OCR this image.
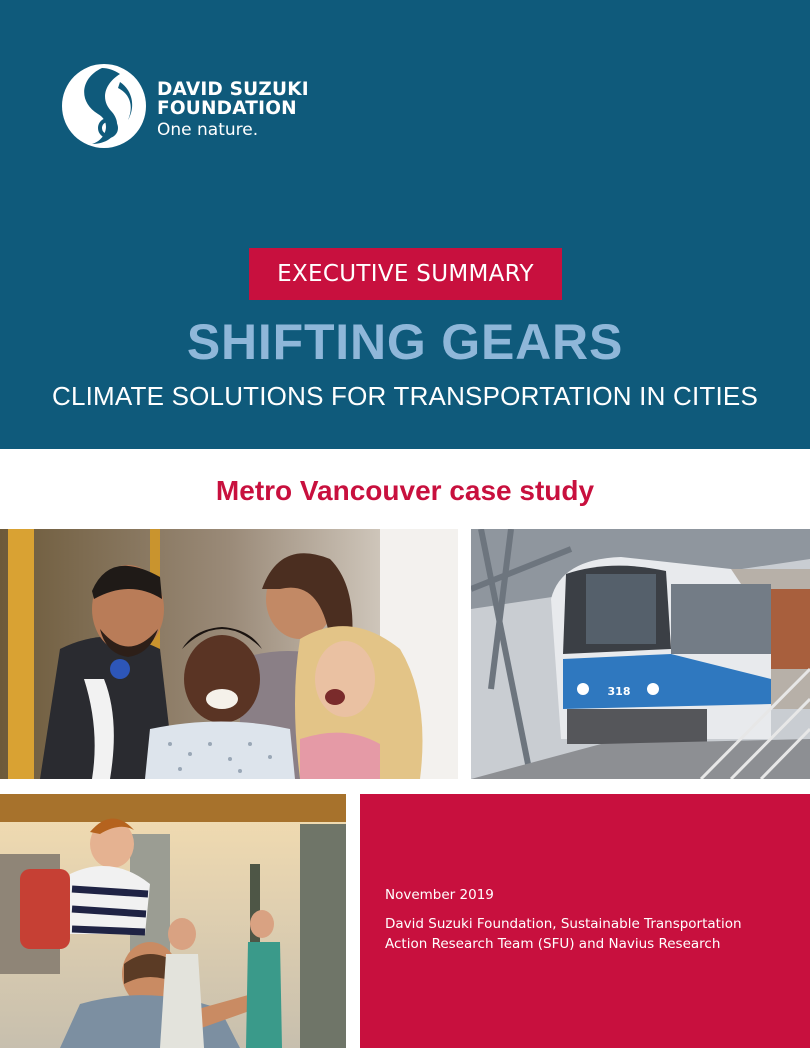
DAVID SUZUKI
FOUNDATION
One nature.
EXECUTIVE SUMMARY
SHIFTING GEARS
CLIMATE SOLUTIONS FOR TRANSPORTATION IN CITIES
Metro Vancouver case study
318
November 2019
David Suzuki Foundation, Sustainable Transportation Action Research Team (SFU) and Navius Research
